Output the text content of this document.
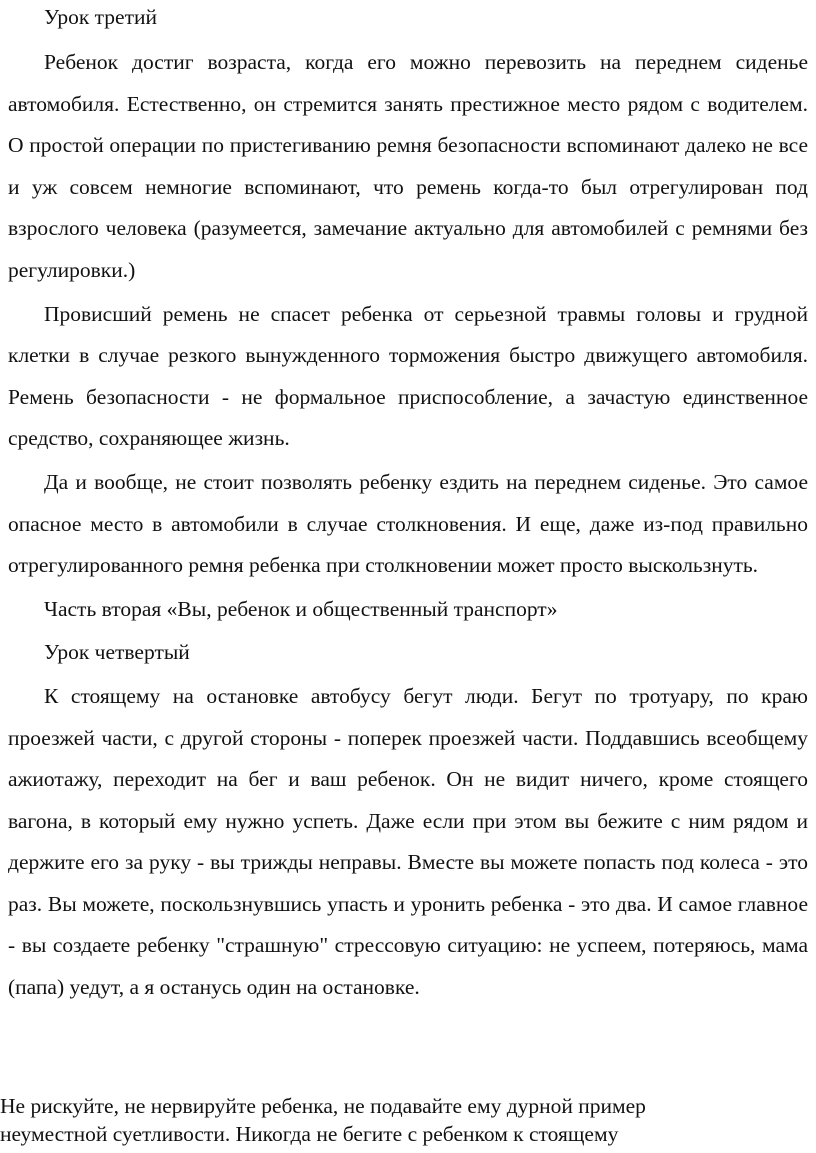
Урок третий

Ребенок достиг возраста, когда его можно перевозить на переднем сиденье автомобиля. Естественно, он стремится занять престижное место рядом с водителем. О простой операции по пристегиванию ремня безопасности вспоминают далеко не все и уж совсем немногие вспоминают, что ремень когда-то был отрегулирован под взрослого человека (разумеется, замечание актуально для автомобилей с ремнями без регулировки.)

Провисший ремень не спасет ребенка от серьезной травмы головы и грудной клетки в случае резкого вынужденного торможения быстро движущего автомобиля. Ремень безопасности - не формальное приспособление, а зачастую единственное средство, сохраняющее жизнь.

Да и вообще, не стоит позволять ребенку ездить на переднем сиденье. Это самое опасное место в автомобили в случае столкновения. И еще, даже из-под правильно отрегулированного ремня ребенка при столкновении может просто выскользнуть.

Часть вторая «Вы, ребенок и общественный транспорт»

Урок четвертый

К стоящему на остановке автобусу бегут люди. Бегут по тротуару, по краю проезжей части, с другой стороны - поперек проезжей части. Поддавшись всеобщему ажиотажу, переходит на бег и ваш ребенок. Он не видит ничего, кроме стоящего вагона, в который ему нужно успеть. Даже если при этом вы бежите с ним рядом и держите его за руку - вы трижды неправы. Вместе вы можете попасть под колеса - это раз. Вы можете, поскользнувшись упасть и уронить ребенка - это два. И самое главное - вы создаете ребенку "страшную" стрессовую ситуацию: не успеем, потеряюсь, мама (папа) уедут, а я останусь один на остановке.

Не рискуйте, не нервируйте ребенка, не подавайте ему дурной пример
неуместной суетливости. Никогда не бегите с ребенком к стоящему
